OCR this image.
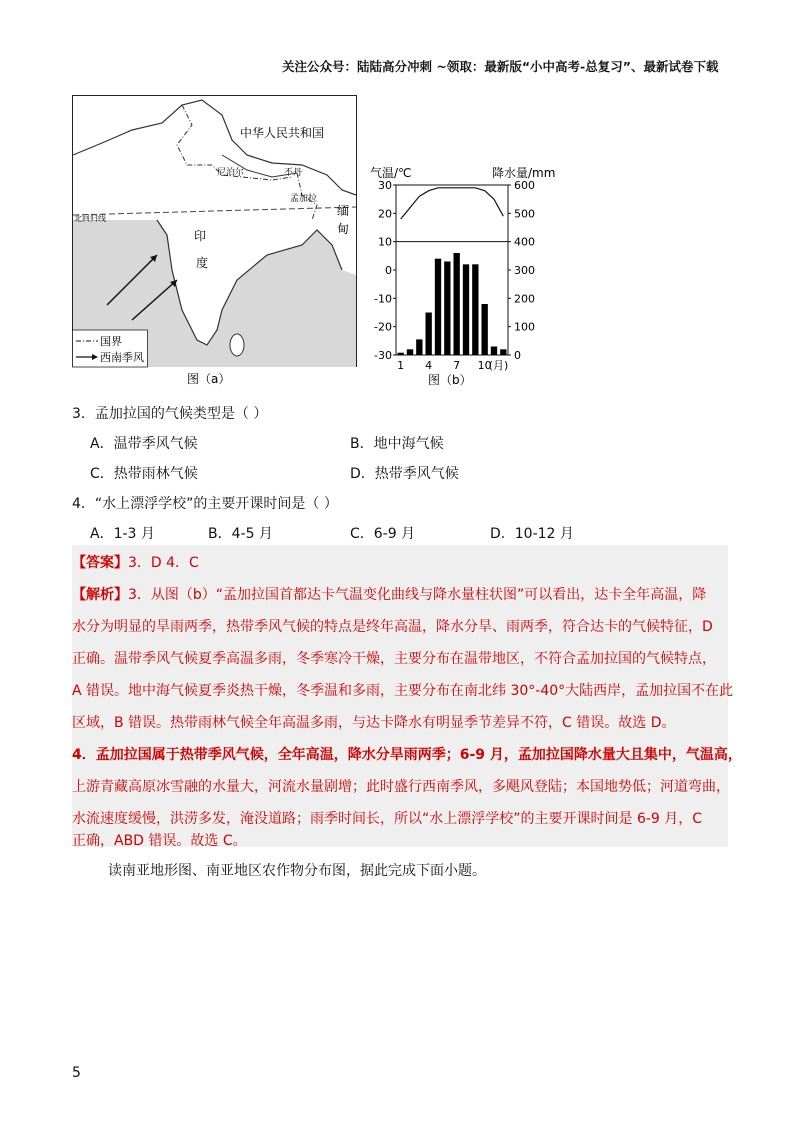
关注公众号：陆陆高分冲刺 ~领取：最新版“小中高考-总复习”、最新试卷下载
中华人民共和国
尼泊尔	不丹
孟加拉
缅
甸
印
度
北回归线
国界
西南季风
图（a）
气温/℃	降水量/mm
30
20
10
0
-10
-20
-30
600
500
400
300
200
100
0
1 4 7 10
(月)
图（b）
3．孟加拉国的气候类型是（ ）
A．温带季风气候	B．地中海气候
C．热带雨林气候	D．热带季风气候
4．“水上漂浮学校”的主要开课时间是（ ）
A．1-3 月	B．4-5 月	C．6-9 月	D．10-12 月
【答案】3．D 4．C
【解析】3．从图（b）“孟加拉国首都达卡气温变化曲线与降水量柱状图”可以看出，达卡全年高温，降
水分为明显的旱雨两季，热带季风气候的特点是终年高温，降水分旱、雨两季，符合达卡的气候特征，D
正确。温带季风气候夏季高温多雨，冬季寒冷干燥，主要分布在温带地区，不符合孟加拉国的气候特点，
A 错误。地中海气候夏季炎热干燥，冬季温和多雨，主要分布在南北纬 30°-40°大陆西岸，孟加拉国不在此
区域，B 错误。热带雨林气候全年高温多雨，与达卡降水有明显季节差异不符，C 错误。故选 D。
4．孟加拉国属于热带季风气候，全年高温，降水分旱雨两季；6-9 月，孟加拉国降水量大且集中，气温高，
上游青藏高原冰雪融的水量大，河流水量剧增；此时盛行西南季风，多飓风登陆；本国地势低；河道弯曲，
水流速度缓慢，洪涝多发，淹没道路；雨季时间长，所以“水上漂浮学校”的主要开课时间是 6-9 月，C
正确，ABD 错误。故选 C。
读南亚地形图、南亚地区农作物分布图，据此完成下面小题。
5
